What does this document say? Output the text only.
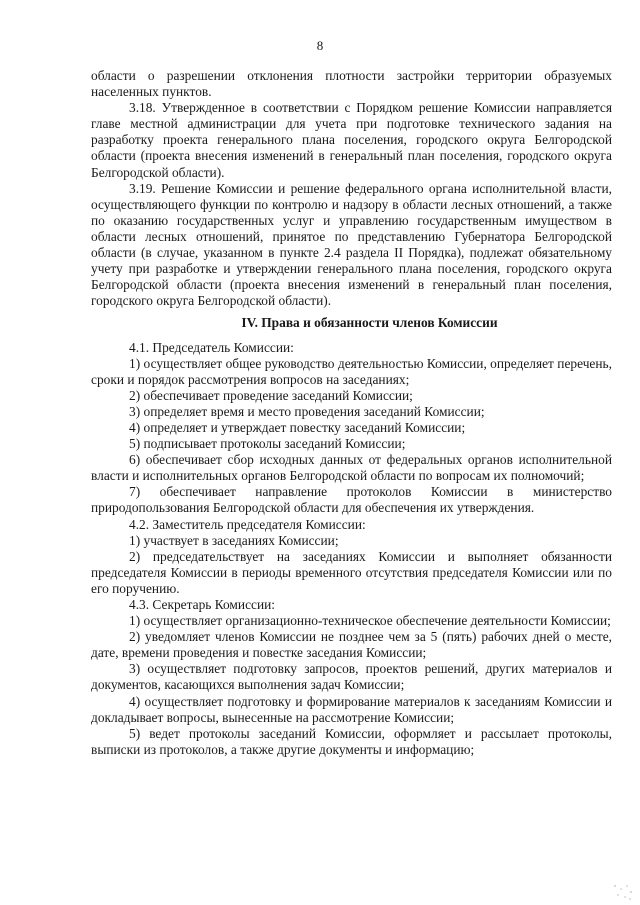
8

области о разрешении отклонения плотности застройки территории образуемых населенных пунктов.

3.18. Утвержденное в соответствии с Порядком решение Комиссии направляется главе местной администрации для учета при подготовке технического задания на разработку проекта генерального плана поселения, городского округа Белгородской области (проекта внесения изменений в генеральный план поселения, городского округа Белгородской области).

3.19. Решение Комиссии и решение федерального органа исполнительной власти, осуществляющего функции по контролю и надзору в области лесных отношений, а также по оказанию государственных услуг и управлению государственным имуществом в области лесных отношений, принятое по представлению Губернатора Белгородской области (в случае, указанном в пункте 2.4 раздела II Порядка), подлежат обязательному учету при разработке и утверждении генерального плана поселения, городского округа Белгородской области (проекта внесения изменений в генеральный план поселения, городского округа Белгородской области).

IV. Права и обязанности членов Комиссии

4.1. Председатель Комиссии:

1) осуществляет общее руководство деятельностью Комиссии, определяет перечень, сроки и порядок рассмотрения вопросов на заседаниях;

2) обеспечивает проведение заседаний Комиссии;

3) определяет время и место проведения заседаний Комиссии;

4) определяет и утверждает повестку заседаний Комиссии;

5) подписывает протоколы заседаний Комиссии;

6) обеспечивает сбор исходных данных от федеральных органов исполнительной власти и исполнительных органов Белгородской области по вопросам их полномочий;

7) обеспечивает направление протоколов Комиссии в министерство природопользования Белгородской области для обеспечения их утверждения.

4.2. Заместитель председателя Комиссии:

1) участвует в заседаниях Комиссии;

2) председательствует на заседаниях Комиссии и выполняет обязанности председателя Комиссии в периоды временного отсутствия председателя Комиссии или по его поручению.

4.3. Секретарь Комиссии:

1) осуществляет организационно-техническое обеспечение деятельности Комиссии;

2) уведомляет членов Комиссии не позднее чем за 5 (пять) рабочих дней о месте, дате, времени проведения и повестке заседания Комиссии;

3) осуществляет подготовку запросов, проектов решений, других материалов и документов, касающихся выполнения задач Комиссии;

4) осуществляет подготовку и формирование материалов к заседаниям Комиссии и докладывает вопросы, вынесенные на рассмотрение Комиссии;

5) ведет протоколы заседаний Комиссии, оформляет и рассылает протоколы, выписки из протоколов, а также другие документы и информацию;
